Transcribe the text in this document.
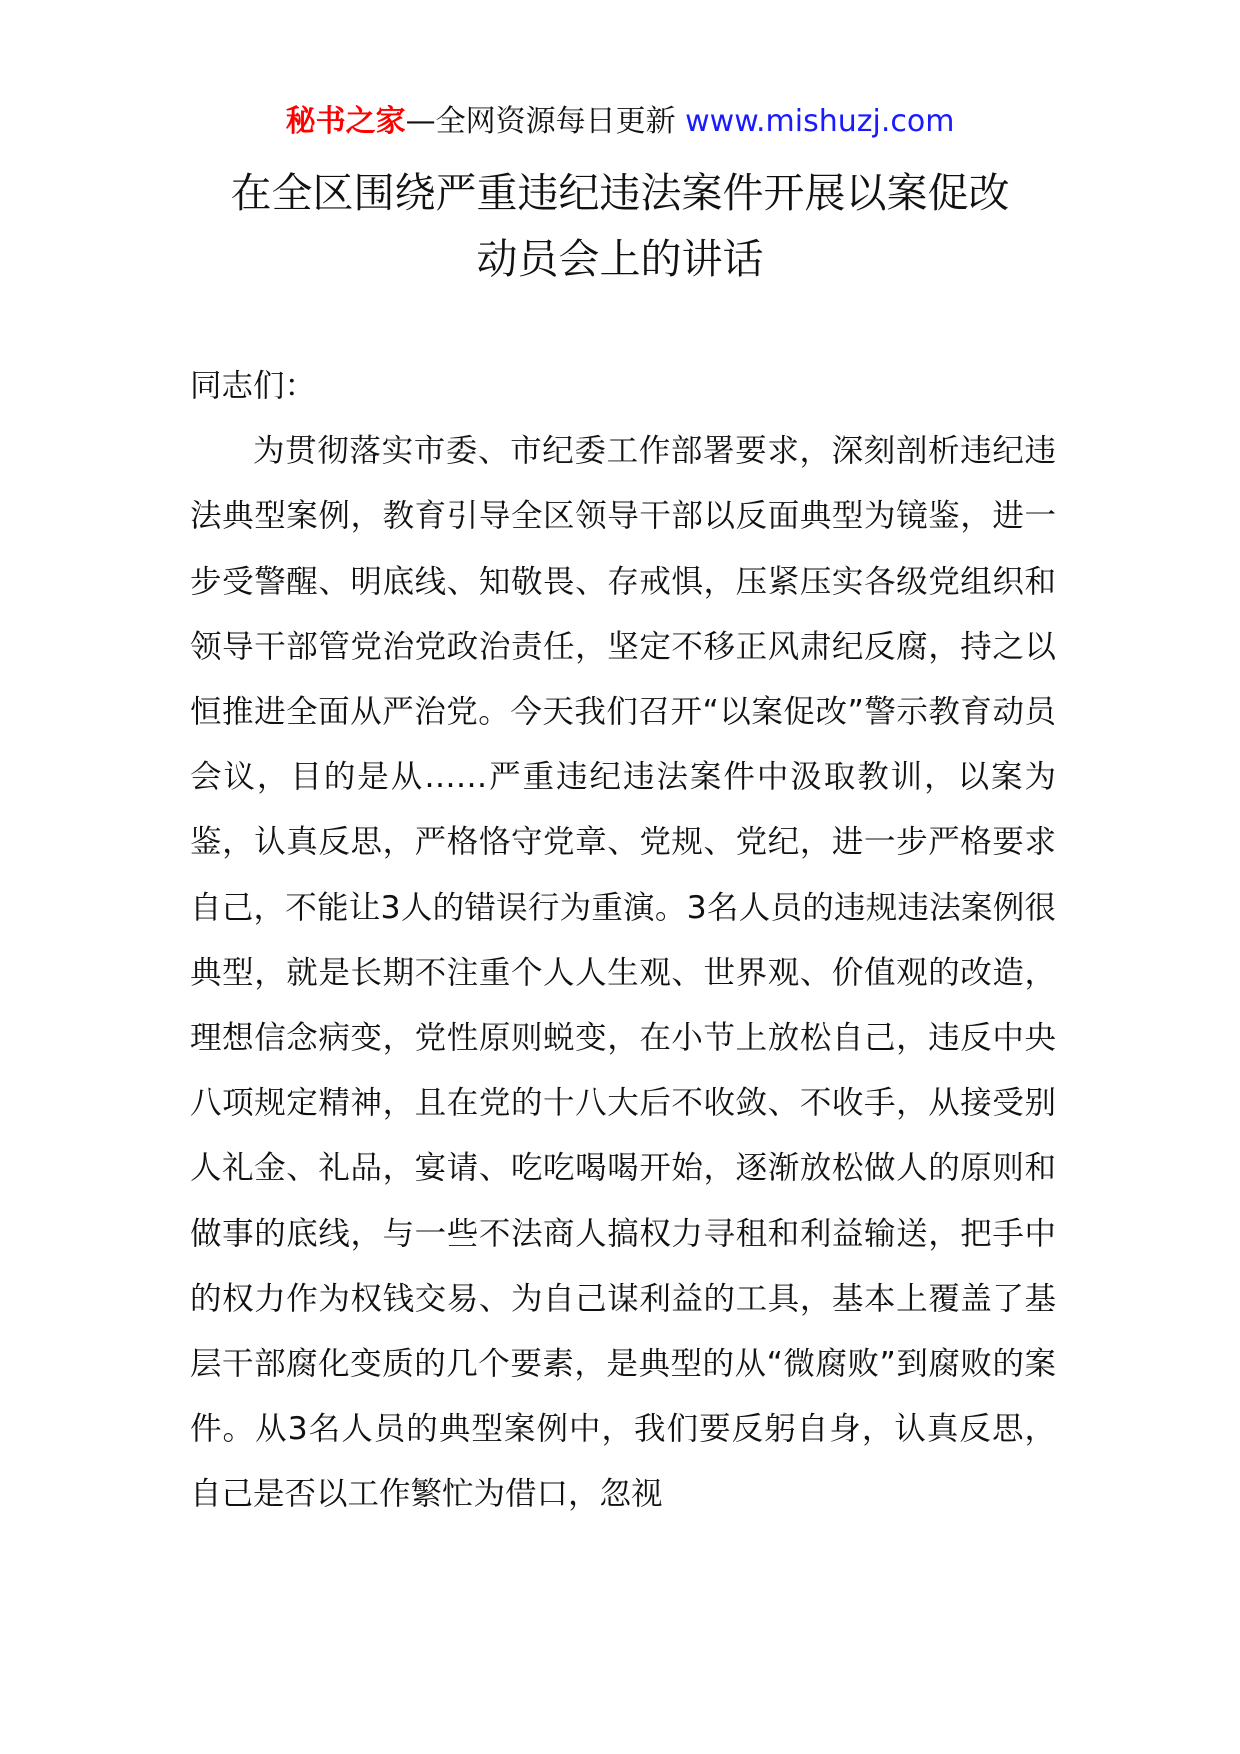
秘书之家—全网资源每日更新 www.mishuzj.com
在全区围绕严重违纪违法案件开展以案促改
动员会上的讲话

同志们：

为贯彻落实市委、市纪委工作部署要求，深刻剖析违纪违法典型案例，教育引导全区领导干部以反面典型为镜鉴，进一步受警醒、明底线、知敬畏、存戒惧，压紧压实各级党组织和领导干部管党治党政治责任，坚定不移正风肃纪反腐，持之以恒推进全面从严治党。今天我们召开“以案促改”警示教育动员会议，目的是从……严重违纪违法案件中汲取教训，以案为鉴，认真反思，严格恪守党章、党规、党纪，进一步严格要求自己，不能让3人的错误行为重演。3名人员的违规违法案例很典型，就是长期不注重个人人生观、世界观、价值观的改造，理想信念病变，党性原则蜕变，在小节上放松自己，违反中央八项规定精神，且在党的十八大后不收敛、不收手，从接受别人礼金、礼品，宴请、吃吃喝喝开始，逐渐放松做人的原则和做事的底线，与一些不法商人搞权力寻租和利益输送，把手中的权力作为权钱交易、为自己谋利益的工具，基本上覆盖了基层干部腐化变质的几个要素，是典型的从“微腐败”到腐败的案件。从3名人员的典型案例中，我们要反躬自身，认真反思，自己是否以工作繁忙为借口，忽视
